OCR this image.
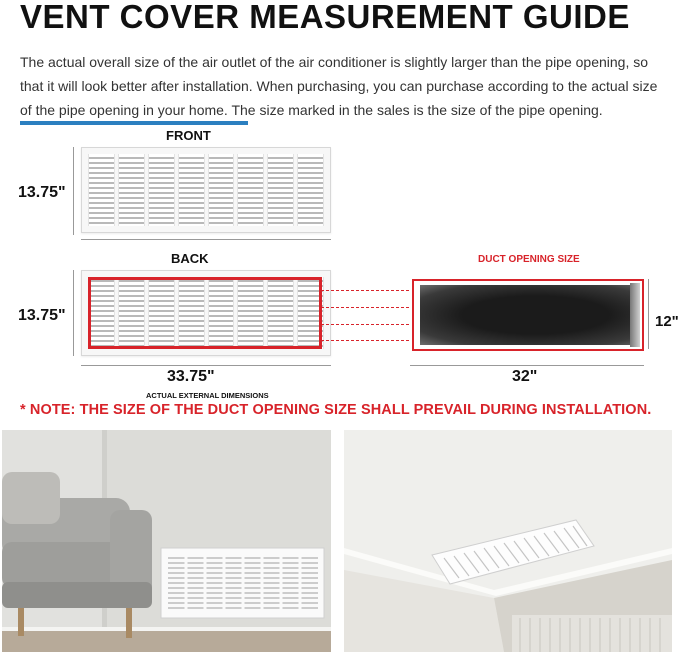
VENT COVER MEASUREMENT GUIDE
The actual overall size of the air outlet of the air conditioner is slightly larger than the pipe opening, so that it will look better after installation. When purchasing, you can purchase according to the actual size of the pipe opening in your home. The size marked in the sales is the size of the pipe opening.
FRONT
13.75"
BACK
13.75"
33.75"
ACTUAL EXTERNAL DIMENSIONS
DUCT OPENING SIZE
12"
32"
* NOTE: THE SIZE OF THE DUCT OPENING SIZE SHALL PREVAIL DURING INSTALLATION.
